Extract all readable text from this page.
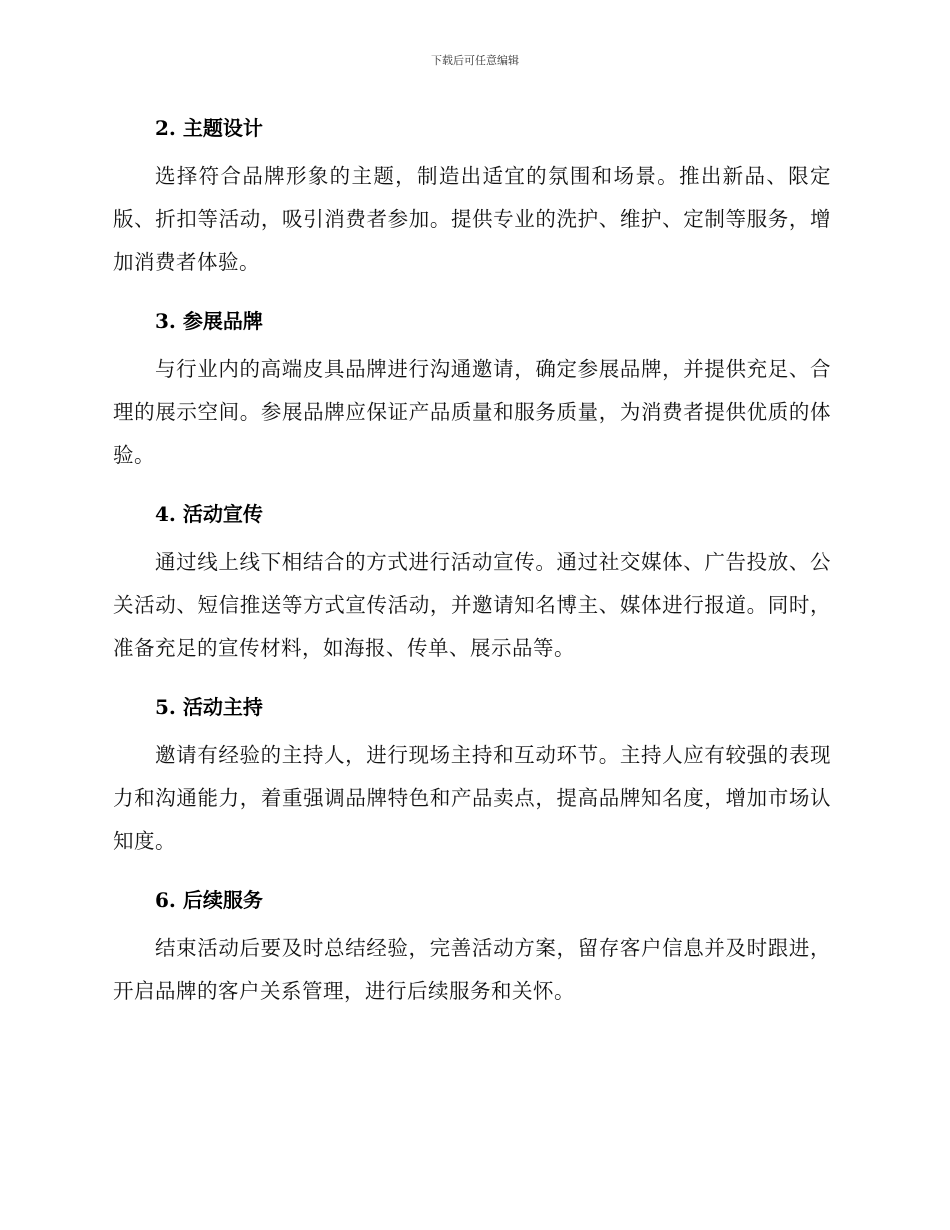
下载后可任意编辑
2. 主题设计

选择符合品牌形象的主题，制造出适宜的氛围和场景。推出新品、限定版、折扣等活动，吸引消费者参加。提供专业的洗护、维护、定制等服务，增加消费者体验。

3. 参展品牌

与行业内的高端皮具品牌进行沟通邀请，确定参展品牌，并提供充足、合理的展示空间。参展品牌应保证产品质量和服务质量，为消费者提供优质的体验。

4. 活动宣传

通过线上线下相结合的方式进行活动宣传。通过社交媒体、广告投放、公关活动、短信推送等方式宣传活动，并邀请知名博主、媒体进行报道。同时，准备充足的宣传材料，如海报、传单、展示品等。

5. 活动主持

邀请有经验的主持人，进行现场主持和互动环节。主持人应有较强的表现力和沟通能力，着重强调品牌特色和产品卖点，提高品牌知名度，增加市场认知度。

6. 后续服务

结束活动后要及时总结经验，完善活动方案，留存客户信息并及时跟进，开启品牌的客户关系管理，进行后续服务和关怀。
